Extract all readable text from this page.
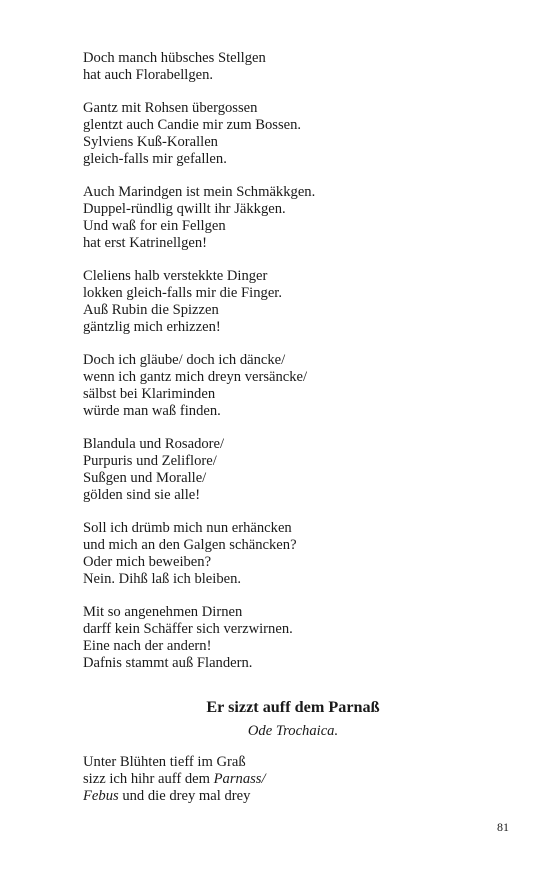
Doch manch hübsches Stellgen
hat auch Florabellgen.
Gantz mit Rohsen übergossen
glentzt auch Candie mir zum Bossen.
Sylviens Kuß-Korallen
gleich-falls mir gefallen.
Auch Marindgen ist mein Schmäkkgen.
Duppel-ründlig qwillt ihr Jäkkgen.
Und waß for ein Fellgen
hat erst Katrinellgen!
Cleliens halb verstekkte Dinger
lokken gleich-falls mir die Finger.
Auß Rubin die Spizzen
gäntzlig mich erhizzen!
Doch ich gläube/ doch ich däncke/
wenn ich gantz mich dreyn versäncke/
sälbst bei Klariminden
würde man waß finden.
Blandula und Rosadore/
Purpuris und Zeliflore/
Sußgen und Moralle/
gölden sind sie alle!
Soll ich drümb mich nun erhäncken
und mich an den Galgen schäncken?
Oder mich beweiben?
Nein. Dihß laß ich bleiben.
Mit so angenehmen Dirnen
darff kein Schäffer sich verzwirnen.
Eine nach der andern!
Dafnis stammt auß Flandern.
Er sizzt auff dem Parnaß
Ode Trochaica.
Unter Blühten tieff im Graß
sizz ich hihr auff dem Parnass/
Febus und die drey mal drey
81
